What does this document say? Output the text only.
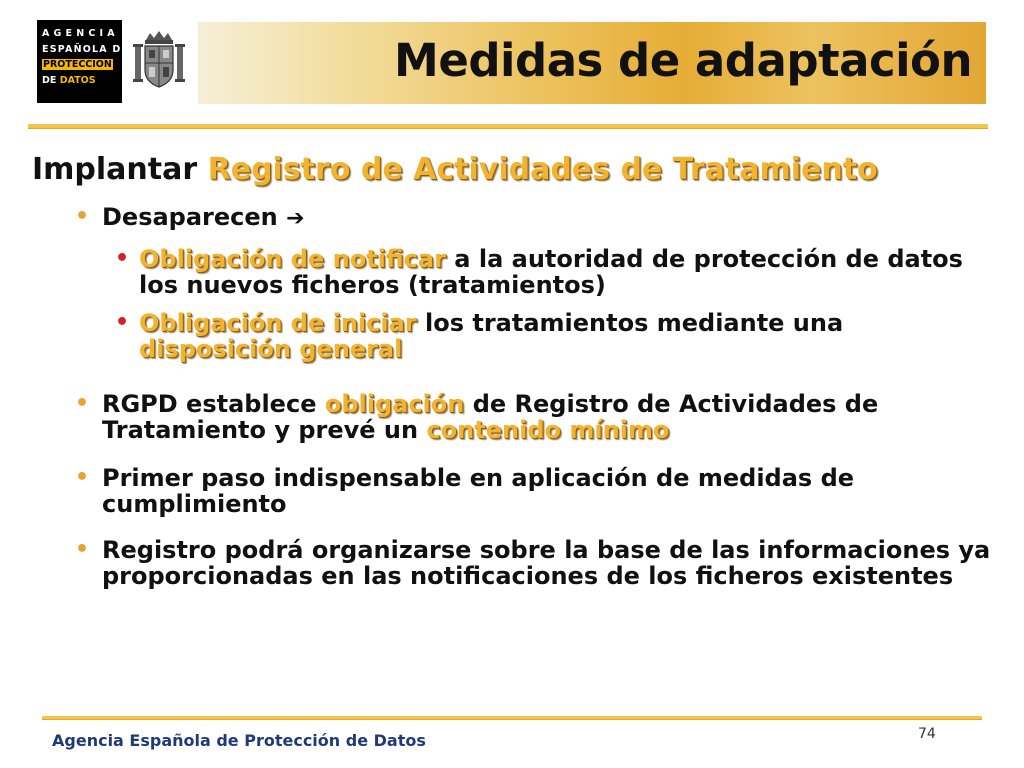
AGENCIA
ESPAÑOLA DE
PROTECCIÓN
DE DATOS	Medidas de adaptación
Implantar Registro de Actividades de Tratamiento
• Desaparecen ➔
• Obligación de notificar a la autoridad de protección de datos los nuevos ficheros (tratamientos)
• Obligación de iniciar los tratamientos mediante una disposición general
• RGPD establece obligación de Registro de Actividades de Tratamiento y prevé un contenido mínimo
• Primer paso indispensable en aplicación de medidas de cumplimiento
• Registro podrá organizarse sobre la base de las informaciones ya proporcionadas en las notificaciones de los ficheros existentes
Agencia Española de Protección de Datos	74
